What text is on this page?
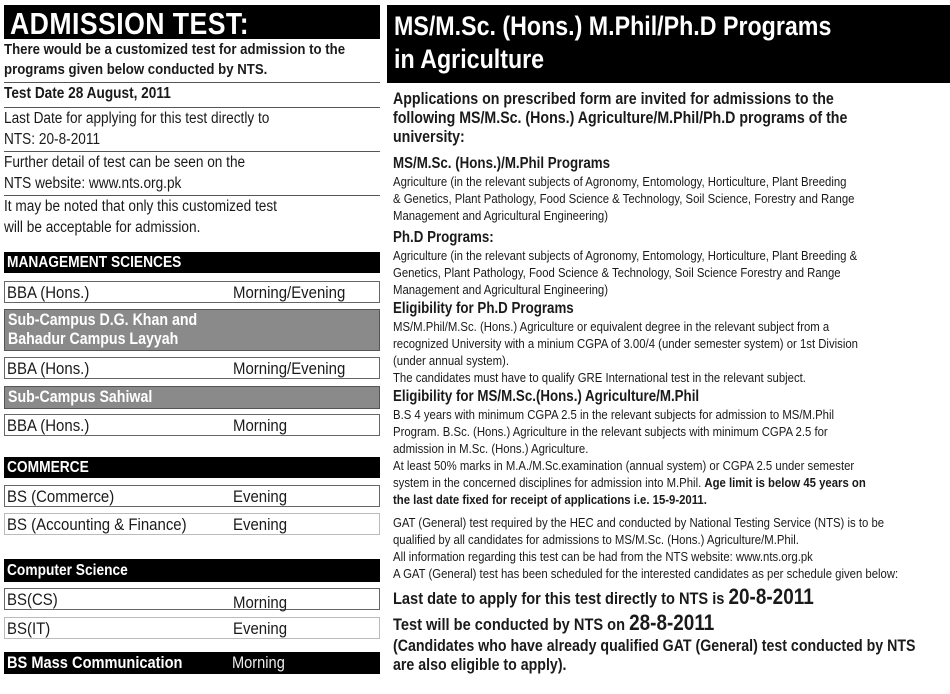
ADMISSION TEST:
There would be a customized test for admission to the
programs given below conducted by NTS.
Test Date 28 August, 2011
Last Date for applying for this test directly to
NTS: 20-8-2011
Further detail of test can be seen on the
NTS website: www.nts.org.pk
It may be noted that only this customized test
will be acceptable for admission.
MANAGEMENT SCIENCES
BBA (Hons.)	Morning/Evening
Sub-Campus D.G. Khan and
Bahadur Campus Layyah
BBA (Hons.)	Morning/Evening
Sub-Campus Sahiwal
BBA (Hons.)	Morning
COMMERCE
BS (Commerce)	Evening
BS (Accounting & Finance)	Evening
Computer Science
BS(CS)	Morning
BS(IT)	Evening
BS Mass Communication	Morning
MS/M.Sc. (Hons.) M.Phil/Ph.D Programs
in Agriculture
Applications on prescribed form are invited for admissions to the
following MS/M.Sc. (Hons.) Agriculture/M.Phil/Ph.D programs of the
university:
MS/M.Sc. (Hons.)/M.Phil Programs
Agriculture (in the relevant subjects of Agronomy, Entomology, Horticulture, Plant Breeding
& Genetics, Plant Pathology, Food Science & Technology, Soil Science, Forestry and Range
Management and Agricultural Engineering)
Ph.D Programs:
Agriculture (in the relevant subjects of Agronomy, Entomology, Horticulture, Plant Breeding &
Genetics, Plant Pathology, Food Science & Technology, Soil Science Forestry and Range
Management and Agricultural Engineering)
Eligibility for Ph.D Programs
MS/M.Phil/M.Sc. (Hons.) Agriculture or equivalent degree in the relevant subject from a
recognized University with a minium CGPA of 3.00/4 (under semester system) or 1st Division
(under annual system).
The candidates must have to qualify GRE International test in the relevant subject.
Eligibility for MS/M.Sc.(Hons.) Agriculture/M.Phil
B.S 4 years with minimum CGPA 2.5 in the relevant subjects for admission to MS/M.Phil
Program. B.Sc. (Hons.) Agriculture in the relevant subjects with minimum CGPA 2.5 for
admission in M.Sc. (Hons.) Agriculture.
At least 50% marks in M.A./M.Sc.examination (annual system) or CGPA 2.5 under semester
system in the concerned disciplines for admission into M.Phil. Age limit is below 45 years on
the last date fixed for receipt of applications i.e. 15-9-2011.
GAT (General) test required by the HEC and conducted by National Testing Service (NTS) is to be
qualified by all candidates for admissions to MS/M.Sc. (Hons.) Agriculture/M.Phil.
All information regarding this test can be had from the NTS website: www.nts.org.pk
A GAT (General) test has been scheduled for the interested candidates as per schedule given below:
Last date to apply for this test directly to NTS is 20-8-2011
Test will be conducted by NTS on 28-8-2011
(Candidates who have already qualified GAT (General) test conducted by NTS
are also eligible to apply).
